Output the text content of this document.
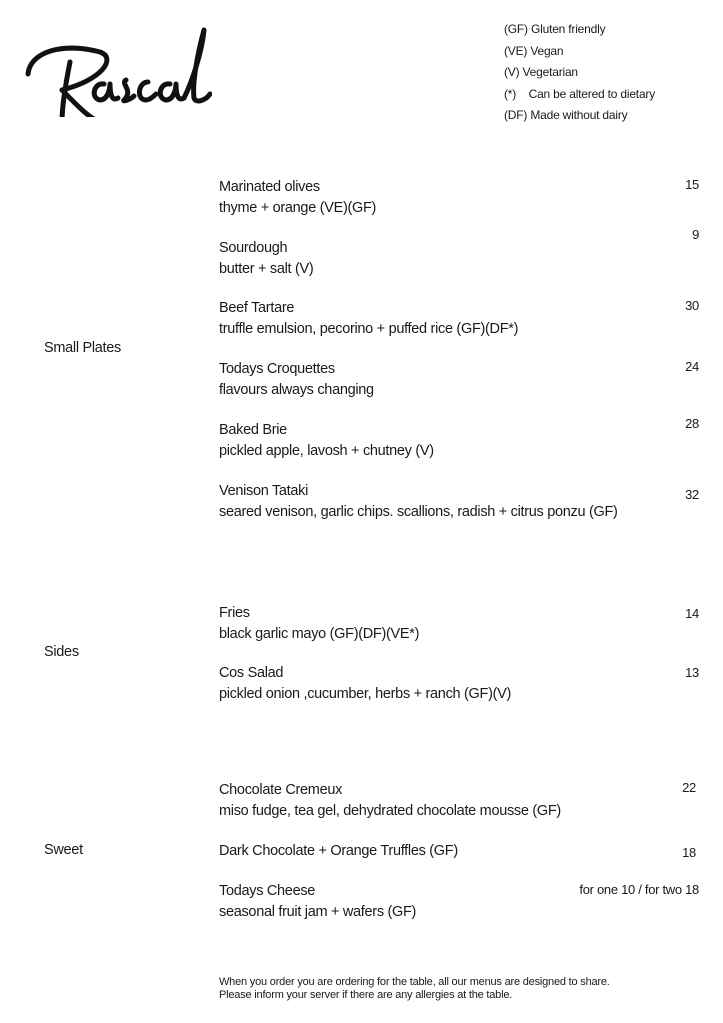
(GF) Gluten friendly
(VE) Vegan
(V) Vegetarian
(*)    Can be altered to dietary
(DF) Made without dairy
Small Plates
Marinated olives
thyme + orange (VE)(GF)
15
Sourdough
butter + salt (V)
9
Beef Tartare
truffle emulsion, pecorino + puffed rice (GF)(DF*)
30
Todays Croquettes
flavours always changing
24
Baked Brie
pickled apple, lavosh + chutney (V)
28
Venison Tataki
seared venison, garlic chips. scallions, radish + citrus ponzu (GF)
32
Sides
Fries
black garlic mayo (GF)(DF)(VE*)
14
Cos Salad
pickled onion ,cucumber, herbs + ranch (GF)(V)
13
Sweet
Chocolate Cremeux
miso fudge, tea gel, dehydrated chocolate mousse (GF)
22
Dark Chocolate + Orange Truffles (GF)	18
Todays Cheese
seasonal fruit jam + wafers (GF)
for one 10 / for two 18
When you order you are ordering for the table, all our menus are designed to share.
Please inform your server if there are any allergies at the table.
